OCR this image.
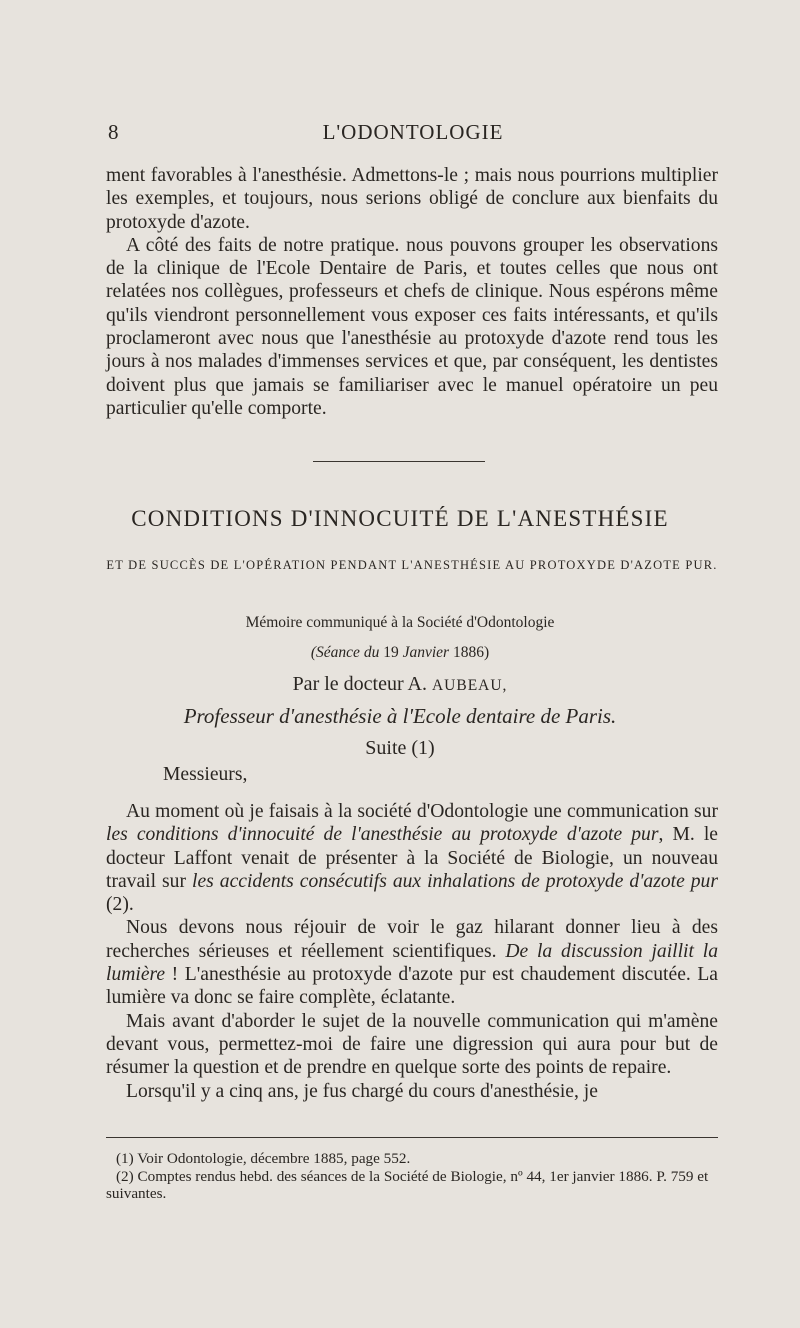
8	L'ODONTOLOGIE

ment favorables à l'anesthésie. Admettons-le ; mais nous pourrions multiplier les exemples, et toujours, nous serions obligé de conclure aux bienfaits du protoxyde d'azote.

A côté des faits de notre pratique. nous pouvons grouper les observations de la clinique de l'Ecole Dentaire de Paris, et toutes celles que nous ont relatées nos collègues, professeurs et chefs de clinique. Nous espérons même qu'ils viendront personnellement vous exposer ces faits intéressants, et qu'ils proclameront avec nous que l'anesthésie au protoxyde d'azote rend tous les jours à nos malades d'immenses services et que, par conséquent, les dentistes doivent plus que jamais se familiariser avec le manuel opératoire un peu particulier qu'elle comporte.

CONDITIONS D'INNOCUITÉ DE L'ANESTHÉSIE
ET DE SUCCÈS DE L'OPÉRATION PENDANT L'ANESTHÉSIE AU PROTOXYDE D'AZOTE PUR.
Mémoire communiqué à la Société d'Odontologie
(Séance du 19 Janvier 1886)
Par le docteur A. AUBEAU,
Professeur d'anesthésie à l'Ecole dentaire de Paris.
Suite (1)
Messieurs,

Au moment où je faisais à la société d'Odontologie une communication sur les conditions d'innocuité de l'anesthésie au protoxyde d'azote pur, M. le docteur Laffont venait de présenter à la Société de Biologie, un nouveau travail sur les accidents consécutifs aux inhalations de protoxyde d'azote pur (2).

Nous devons nous réjouir de voir le gaz hilarant donner lieu à des recherches sérieuses et réellement scientifiques. De la discussion jaillit la lumière ! L'anesthésie au protoxyde d'azote pur est chaudement discutée. La lumière va donc se faire complète, éclatante.

Mais avant d'aborder le sujet de la nouvelle communication qui m'amène devant vous, permettez-moi de faire une digression qui aura pour but de résumer la question et de prendre en quelque sorte des points de repaire.

Lorsqu'il y a cinq ans, je fus chargé du cours d'anesthésie, je

(1) Voir Odontologie, décembre 1885, page 552.

(2) Comptes rendus hebd. des séances de la Société de Biologie, nº 44, 1er janvier 1886. P. 759 et suivantes.
